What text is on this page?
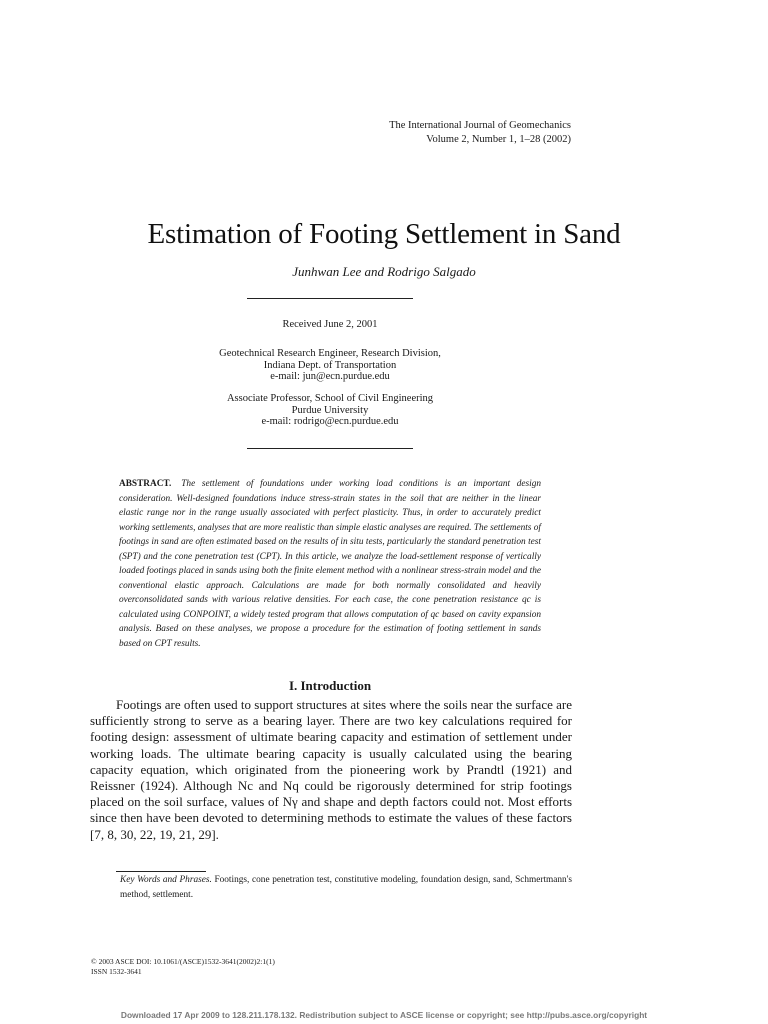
The International Journal of Geomechanics
Volume 2, Number 1, 1–28 (2002)
Estimation of Footing Settlement in Sand
Junhwan Lee and Rodrigo Salgado
Received June 2, 2001
Geotechnical Research Engineer, Research Division,
Indiana Dept. of Transportation
e-mail: jun@ecn.purdue.edu
Associate Professor, School of Civil Engineering
Purdue University
e-mail: rodrigo@ecn.purdue.edu
ABSTRACT. The settlement of foundations under working load conditions is an important design consideration. Well-designed foundations induce stress-strain states in the soil that are neither in the linear elastic range nor in the range usually associated with perfect plasticity. Thus, in order to accurately predict working settlements, analyses that are more realistic than simple elastic analyses are required. The settlements of footings in sand are often estimated based on the results of in situ tests, particularly the standard penetration test (SPT) and the cone penetration test (CPT). In this article, we analyze the load-settlement response of vertically loaded footings placed in sands using both the finite element method with a nonlinear stress-strain model and the conventional elastic approach. Calculations are made for both normally consolidated and heavily overconsolidated sands with various relative densities. For each case, the cone penetration resistance qc is calculated using CONPOINT, a widely tested program that allows computation of qc based on cavity expansion analysis. Based on these analyses, we propose a procedure for the estimation of footing settlement in sands based on CPT results.
I. Introduction
Footings are often used to support structures at sites where the soils near the surface are sufficiently strong to serve as a bearing layer. There are two key calculations required for footing design: assessment of ultimate bearing capacity and estimation of settlement under working loads. The ultimate bearing capacity is usually calculated using the bearing capacity equation, which originated from the pioneering work by Prandtl (1921) and Reissner (1924). Although Nc and Nq could be rigorously determined for strip footings placed on the soil surface, values of Nγ and shape and depth factors could not. Most efforts since then have been devoted to determining methods to estimate the values of these factors [7, 8, 30, 22, 19, 21, 29].
Key Words and Phrases. Footings, cone penetration test, constitutive modeling, foundation design, sand, Schmertmann's method, settlement.
© 2003 ASCE DOI: 10.1061/(ASCE)1532-3641(2002)2:1(1)
ISSN 1532-3641
Downloaded 17 Apr 2009 to 128.211.178.132. Redistribution subject to ASCE license or copyright; see http://pubs.asce.org/copyright
